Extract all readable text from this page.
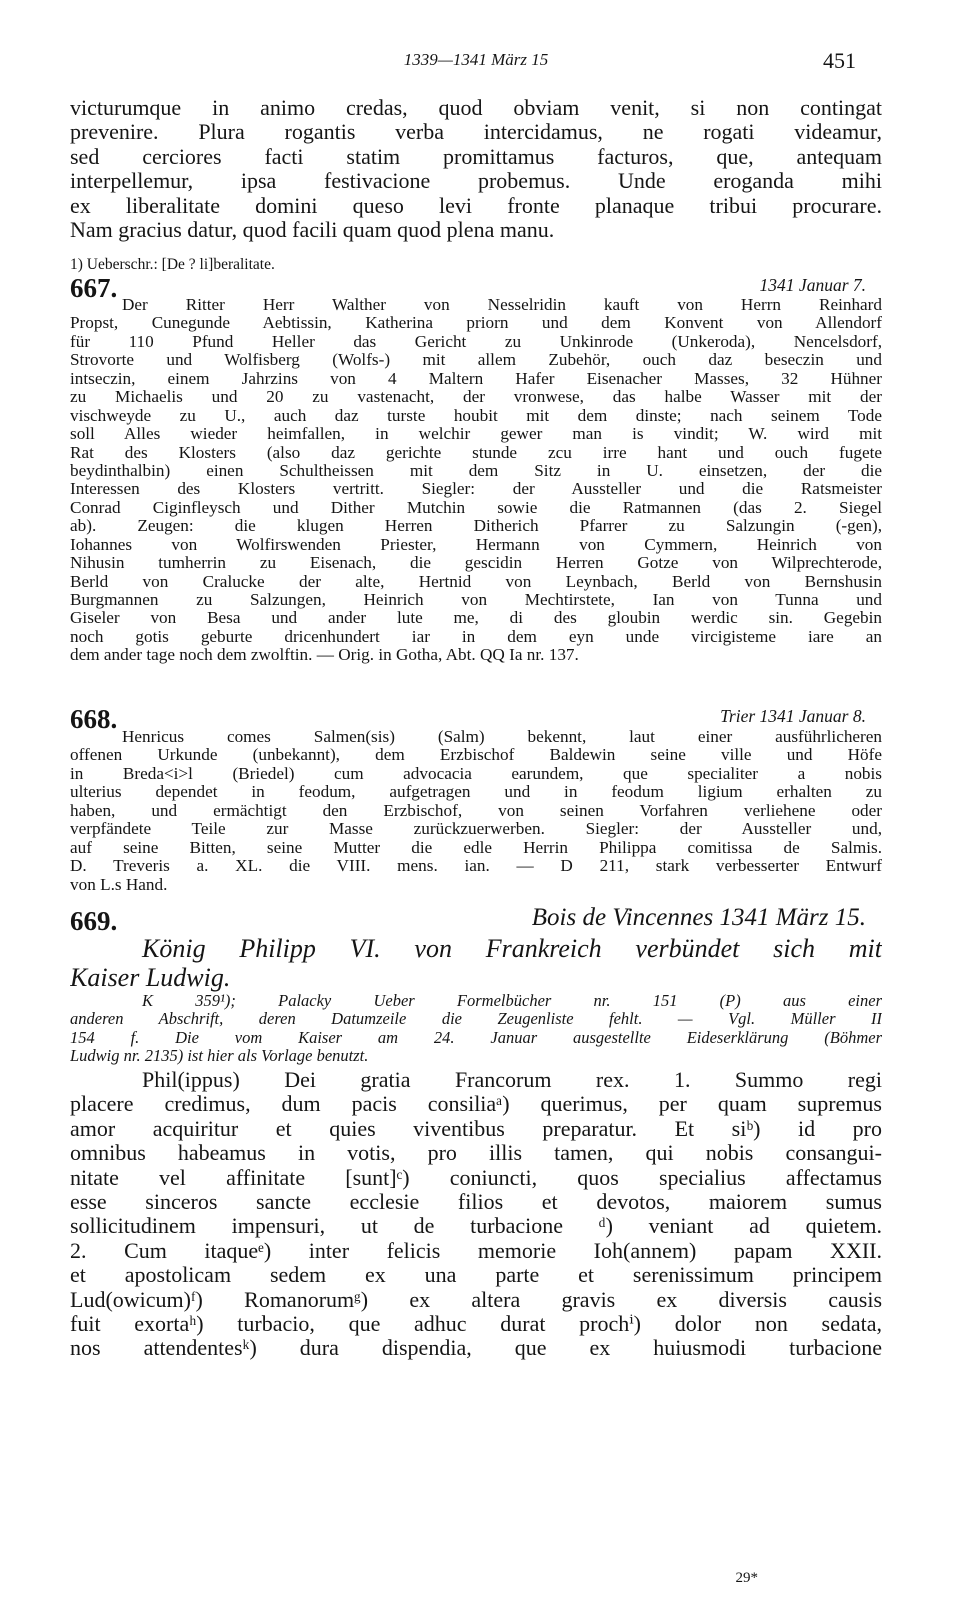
1339—1341 März 15	451
victurumque in animo credas, quod obviam venit, si non contingat
prevenire. Plura rogantis verba intercidamus, ne rogati videamur,
sed cerciores facti statim promittamus facturos, que, antequam
interpellemur, ipsa festivacione probemus. Unde eroganda mihi
ex liberalitate domini queso levi fronte planaque tribui procurare.
Nam gracius datur, quod facili quam quod plena manu.
1) Ueberschr.: [De ? li]beralitate.
667.	1341 Januar 7.
Der Ritter Herr Walther von Nesselridin kauft von Herrn Reinhard
Propst, Cunegunde Aebtissin, Katherina priorn und dem Konvent von Allendorf
für 110 Pfund Heller das Gericht zu Unkinrode (Unkeroda), Nencelsdorf,
Strovorte und Wolfisberg (Wolfs-) mit allem Zubehör, ouch daz beseczin und
intseczin, einem Jahrzins von 4 Maltern Hafer Eisenacher Masses, 32 Hühner
zu Michaelis und 20 zu vastenacht, der vronwese, das halbe Wasser mit der
vischweyde zu U., auch daz turste houbit mit dem dinste; nach seinem Tode
soll Alles wieder heimfallen, in welchir gewer man is vindit; W. wird mit
Rat des Klosters (also daz gerichte stunde zcu irre hant und ouch fugete
beydinthalbin) einen Schultheissen mit dem Sitz in U. einsetzen, der die
Interessen des Klosters vertritt. Siegler: der Aussteller und die Ratsmeister
Conrad Ciginfleysch und Dither Mutchin sowie die Ratmannen (das 2. Siegel
ab). Zeugen: die klugen Herren Ditherich Pfarrer zu Salzungin (-gen),
Iohannes von Wolfirswenden Priester, Hermann von Cymmern, Heinrich von
Nihusin tumherrin zu Eisenach, die gescidin Herren Gotze von Wilprechterode,
Berld von Cralucke der alte, Hertnid von Leynbach, Berld von Bernshusin
Burgmannen zu Salzungen, Heinrich von Mechtirstete, Ian von Tunna und
Giseler von Besa und ander lute me, di des gloubin werdic sin. Gegebin
noch gotis geburte dricenhundert iar in dem eyn unde vircigisteme iare an
dem ander tage noch dem zwolftin. — Orig. in Gotha, Abt. QQ Ia nr. 137.
668.	Trier 1341 Januar 8.
Henricus comes Salmen(sis) (Salm) bekennt, laut einer ausführlicheren
offenen Urkunde (unbekannt), dem Erzbischof Baldewin seine ville und Höfe
in Breda<i>l (Briedel) cum advocacia earundem, que specialiter a nobis
ulterius dependet in feodum, aufgetragen und in feodum ligium erhalten zu
haben, und ermächtigt den Erzbischof, von seinen Vorfahren verliehene oder
verpfändete Teile zur Masse zurückzuerwerben. Siegler: der Aussteller und,
auf seine Bitten, seine Mutter die edle Herrin Philippa comitissa de Salmis.
D. Treveris a. XL. die VIII. mens. ian. — D 211, stark verbesserter Entwurf
von L.s Hand.
669.	Bois de Vincennes 1341 März 15.
König Philipp VI. von Frankreich verbündet sich mit
Kaiser Ludwig.
K 359¹); Palacky Ueber Formelbücher nr. 151 (P) aus einer
anderen Abschrift, deren Datumzeile die Zeugenliste fehlt. — Vgl. Müller II
154 f. Die vom Kaiser am 24. Januar ausgestellte Eideserklärung (Böhmer
Ludwig nr. 2135) ist hier als Vorlage benutzt.
Phil(ippus) Dei gratia Francorum rex. 1. Summo regi
placere credimus, dum pacis consiliaᵃ) querimus, per quam supremus
amor acquiritur et quies viventibus preparatur. Et siᵇ) id pro
omnibus habeamus in votis, pro illis tamen, qui nobis consangui-
nitate vel affinitate [sunt]ᶜ) coniuncti, quos specialius affectamus
esse sinceros sancte ecclesie filios et devotos, maiorem sumus
sollicitudinem impensuri, ut de turbacione ᵈ) veniant ad quietem.
2. Cum itaqueᵉ) inter felicis memorie Ioh(annem) papam XXII.
et apostolicam sedem ex una parte et serenissimum principem
Lud(owicum)ᶠ) Romanorumᵍ) ex altera gravis ex diversis causis
fuit exortaʰ) turbacio, que adhuc durat prochⁱ) dolor non sedata,
nos attendentesᵏ) dura dispendia, que ex huiusmodi turbacione
29*
